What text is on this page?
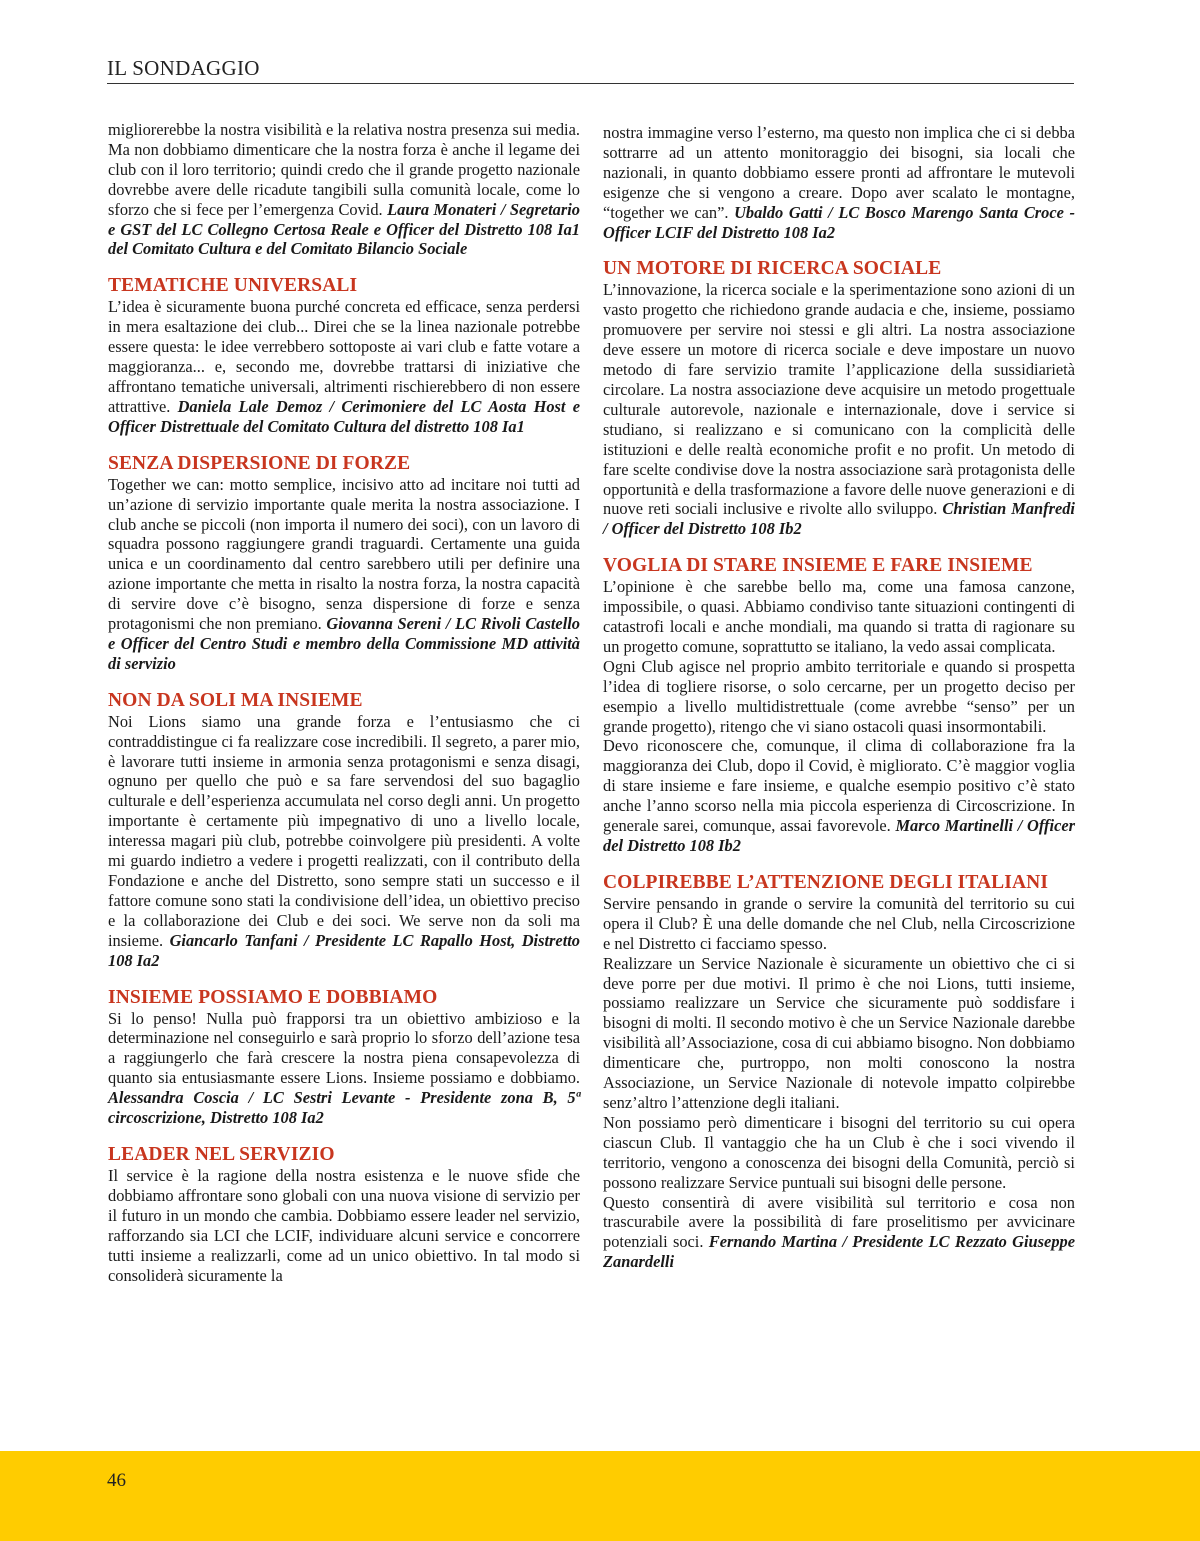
IL SONDAGGIO

migliorerebbe la nostra visibilità e la relativa nostra presenza sui media. Ma non dobbiamo dimenticare che la nostra forza è anche il legame dei club con il loro territorio; quindi credo che il grande progetto nazionale dovrebbe avere delle ricadute tangibili sulla comunità locale, come lo sforzo che si fece per l’emergenza Covid. Laura Monateri / Segretario e GST del LC Collegno Certosa Reale e Officer del Distretto 108 Ia1 del Comitato Cultura e del Comitato Bilancio Sociale

TEMATICHE UNIVERSALI

L’idea è sicuramente buona purché concreta ed efficace, senza perdersi in mera esaltazione dei club... Direi che se la linea nazionale potrebbe essere questa: le idee verrebbero sottoposte ai vari club e fatte votare a maggioranza... e, secondo me, dovrebbe trattarsi di iniziative che affrontano tematiche universali, altrimenti rischierebbero di non essere attrattive. Daniela Lale Demoz / Cerimoniere del LC Aosta Host e Officer Distrettuale del Comitato Cultura del distretto 108 Ia1

SENZA DISPERSIONE DI FORZE

Together we can: motto semplice, incisivo atto ad incitare noi tutti ad un’azione di servizio importante quale merita la nostra associazione. I club anche se piccoli (non importa il numero dei soci), con un lavoro di squadra possono raggiungere grandi traguardi. Certamente una guida unica e un coordinamento dal centro sarebbero utili per definire una azione importante che metta in risalto la nostra forza, la nostra capacità di servire dove c’è bisogno, senza dispersione di forze e senza protagonismi che non premiano. Giovanna Sereni / LC Rivoli Castello e Officer del Centro Studi e membro della Commissione MD attività di servizio

NON DA SOLI MA INSIEME

Noi Lions siamo una grande forza e l’entusiasmo che ci contraddistingue ci fa realizzare cose incredibili. Il segreto, a parer mio, è lavorare tutti insieme in armonia senza protagonismi e senza disagi, ognuno per quello che può e sa fare servendosi del suo bagaglio culturale e dell’esperienza accumulata nel corso degli anni. Un progetto importante è certamente più impegnativo di uno a livello locale, interessa magari più club, potrebbe coinvolgere più presidenti. A volte mi guardo indietro a vedere i progetti realizzati, con il contributo della Fondazione e anche del Distretto, sono sempre stati un successo e il fattore comune sono stati la condivisione dell’idea, un obiettivo preciso e la collaborazione dei Club e dei soci. We serve non da soli ma insieme. Giancarlo Tanfani / Presidente LC Rapallo Host, Distretto 108 Ia2

INSIEME POSSIAMO E DOBBIAMO

Si lo penso! Nulla può frapporsi tra un obiettivo ambizioso e la determinazione nel conseguirlo e sarà proprio lo sforzo dell’azione tesa a raggiungerlo che farà crescere la nostra piena consapevolezza di quanto sia entusiasmante essere Lions. Insieme possiamo e dobbiamo. Alessandra Coscia / LC Sestri Levante - Presidente zona B, 5ª circoscrizione, Distretto 108 Ia2

LEADER NEL SERVIZIO

Il service è la ragione della nostra esistenza e le nuove sfide che dobbiamo affrontare sono globali con una nuova visione di servizio per il futuro in un mondo che cambia. Dobbiamo essere leader nel servizio, rafforzando sia LCI che LCIF, individuare alcuni service e concorrere tutti insieme a realizzarli, come ad un unico obiettivo. In tal modo si consoliderà sicuramente la

nostra immagine verso l’esterno, ma questo non implica che ci si debba sottrarre ad un attento monitoraggio dei bisogni, sia locali che nazionali, in quanto dobbiamo essere pronti ad affrontare le mutevoli esigenze che si vengono a creare. Dopo aver scalato le montagne, “together we can”. Ubaldo Gatti / LC Bosco Marengo Santa Croce - Officer LCIF del Distretto 108 Ia2

UN MOTORE DI RICERCA SOCIALE

L’innovazione, la ricerca sociale e la sperimentazione sono azioni di un vasto progetto che richiedono grande audacia e che, insieme, possiamo promuovere per servire noi stessi e gli altri. La nostra associazione deve essere un motore di ricerca sociale e deve impostare un nuovo metodo di fare servizio tramite l’applicazione della sussidiarietà circolare. La nostra associazione deve acquisire un metodo progettuale culturale autorevole, nazionale e internazionale, dove i service si studiano, si realizzano e si comunicano con la complicità delle istituzioni e delle realtà economiche profit e no profit. Un metodo di fare scelte condivise dove la nostra associazione sarà protagonista delle opportunità e della trasformazione a favore delle nuove generazioni e di nuove reti sociali inclusive e rivolte allo sviluppo. Christian Manfredi / Officer del Distretto 108 Ib2

VOGLIA DI STARE INSIEME E FARE INSIEME

L’opinione è che sarebbe bello ma, come una famosa canzone, impossibile, o quasi. Abbiamo condiviso tante situazioni contingenti di catastrofi locali e anche mondiali, ma quando si tratta di ragionare su un progetto comune, soprattutto se italiano, la vedo assai complicata.

Ogni Club agisce nel proprio ambito territoriale e quando si prospetta l’idea di togliere risorse, o solo cercarne, per un progetto deciso per esempio a livello multidistrettuale (come avrebbe “senso” per un grande progetto), ritengo che vi siano ostacoli quasi insormontabili.

Devo riconoscere che, comunque, il clima di collaborazione fra la maggioranza dei Club, dopo il Covid, è migliorato. C’è maggior voglia di stare insieme e fare insieme, e qualche esempio positivo c’è stato anche l’anno scorso nella mia piccola esperienza di Circoscrizione. In generale sarei, comunque, assai favorevole. Marco Martinelli / Officer del Distretto 108 Ib2

COLPIREBBE L’ATTENZIONE DEGLI ITALIANI

Servire pensando in grande o servire la comunità del territorio su cui opera il Club? È una delle domande che nel Club, nella Circoscrizione e nel Distretto ci facciamo spesso.

Realizzare un Service Nazionale è sicuramente un obiettivo che ci si deve porre per due motivi. Il primo è che noi Lions, tutti insieme, possiamo realizzare un Service che sicuramente può soddisfare i bisogni di molti. Il secondo motivo è che un Service Nazionale darebbe visibilità all’Associazione, cosa di cui abbiamo bisogno. Non dobbiamo dimenticare che, purtroppo, non molti conoscono la nostra Associazione, un Service Nazionale di notevole impatto colpirebbe senz’altro l’attenzione degli italiani.

Non possiamo però dimenticare i bisogni del territorio su cui opera ciascun Club. Il vantaggio che ha un Club è che i soci vivendo il territorio, vengono a conoscenza dei bisogni della Comunità, perciò si possono realizzare Service puntuali sui bisogni delle persone.

Questo consentirà di avere visibilità sul territorio e cosa non trascurabile avere la possibilità di fare proselitismo per avvicinare potenziali soci. Fernando Martina / Presidente LC Rezzato Giuseppe Zanardelli

46
